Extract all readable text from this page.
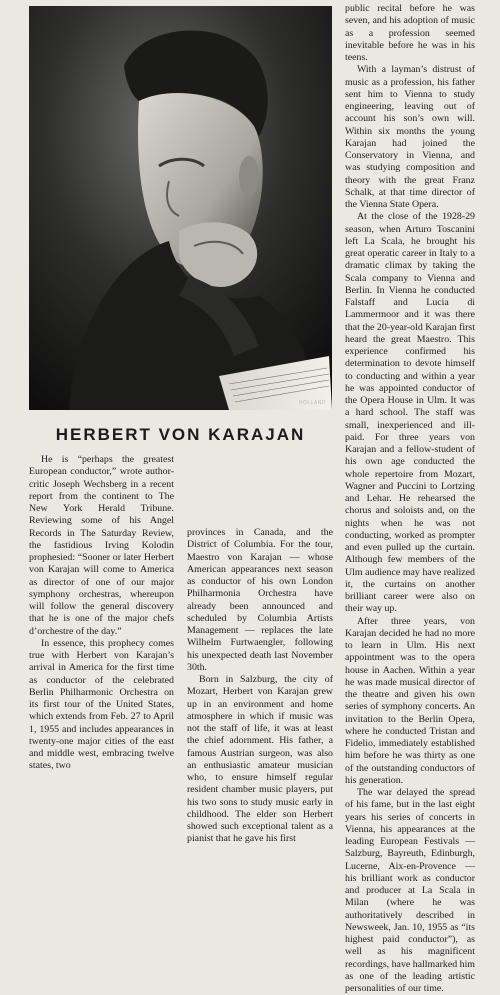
HOLLAND
HERBERT VON KARAJAN

He is “perhaps the greatest European conductor,” wrote author-critic Joseph Wechsberg in a recent report from the continent to The New York Herald Tribune. Reviewing some of his Angel Records in The Saturday Review, the fastidious Irving Kolodin prophesied: “Sooner or later Herbert von Karajan will come to America as director of one of our major symphony orchestras, whereupon will follow the general discovery that he is one of the major chefs d’orchestre of the day.”

In essence, this prophecy comes true with Herbert von Karajan’s arrival in America for the first time as conductor of the celebrated Berlin Philharmonic Orchestra on its first tour of the United States, which extends from Feb. 27 to April 1, 1955 and includes appearances in twenty-one major cities of the east and middle west, embracing twelve states, two

provinces in Canada, and the District of Columbia. For the tour, Maestro von Karajan — whose American appearances next season as conductor of his own London Philharmonia Orchestra have already been announced and scheduled by Columbia Artists Management — replaces the late Wilhelm Furtwaengler, following his unexpected death last November 30th.

Born in Salzburg, the city of Mozart, Herbert von Karajan grew up in an environment and home atmosphere in which if music was not the staff of life, it was at least the chief adornment. His father, a famous Austrian surgeon, was also an enthusiastic amateur musician who, to ensure himself regular resident chamber music players, put his two sons to study music early in childhood. The elder son Herbert showed such exceptional talent as a pianist that he gave his first

public recital before he was seven, and his adoption of music as a profession seemed inevitable before he was in his teens.

With a layman’s distrust of music as a profession, his father sent him to Vienna to study engineering, leaving out of account his son’s own will. Within six months the young Karajan had joined the Conservatory in Vienna, and was studying composition and theory with the great Franz Schalk, at that time director of the Vienna State Opera.

At the close of the 1928-29 season, when Arturo Toscanini left La Scala, he brought his great operatic career in Italy to a dramatic climax by taking the Scala company to Vienna and Berlin. In Vienna he conducted Falstaff and Lucia di Lammermoor and it was there that the 20-year-old Karajan first heard the great Maestro. This experience confirmed his determination to devote himself to conducting and within a year he was appointed conductor of the Opera House in Ulm. It was a hard school. The staff was small, inexperienced and ill-paid. For three years von Karajan and a fellow-student of his own age conducted the whole repertoire from Mozart, Wagner and Puccini to Lortzing and Lehar. He rehearsed the chorus and soloists and, on the nights when he was not conducting, worked as prompter and even pulled up the curtain. Although few members of the Ulm audience may have realized it, the curtains on another brilliant career were also on their way up.

After three years, von Karajan decided he had no more to learn in Ulm. His next appointment was to the opera house in Aachen. Within a year he was made musical director of the theatre and given his own series of symphony concerts. An invitation to the Berlin Opera, where he conducted Tristan and Fidelio, immediately established him before he was thirty as one of the outstanding conductors of his generation.

The war delayed the spread of his fame, but in the last eight years his series of concerts in Vienna, his appearances at the leading European Festivals — Salzburg, Bayreuth, Edinburgh, Lucerne, Aix-en-Provence — his brilliant work as conductor and producer at La Scala in Milan (where he was authoritatively described in Newsweek, Jan. 10, 1955 as “its highest paid conductor”), as well as his magnificent recordings, have hallmarked him as one of the leading artistic personalities of our time.
